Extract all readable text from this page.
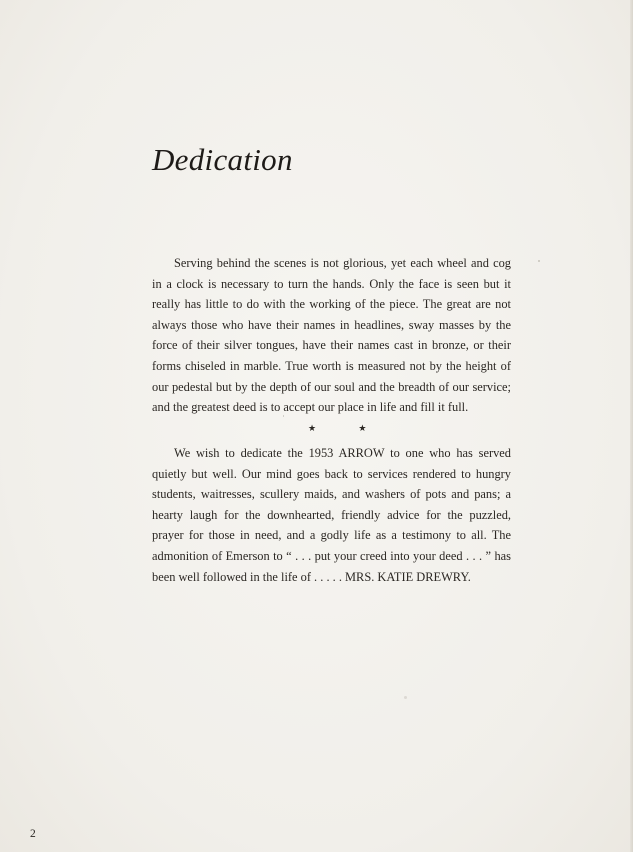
Dedication

Serving behind the scenes is not glorious, yet each wheel and cog in a clock is necessary to turn the hands. Only the face is seen but it really has little to do with the working of the piece. The great are not always those who have their names in headlines, sway masses by the force of their silver tongues, have their names cast in bronze, or their forms chiseled in marble. True worth is measured not by the height of our pedestal but by the depth of our soul and the breadth of our service; and the greatest deed is to accept our place in life and fill it full.

★ ★

We wish to dedicate the 1953 ARROW to one who has served quietly but well. Our mind goes back to services rendered to hungry students, waitresses, scullery maids, and washers of pots and pans; a hearty laugh for the downhearted, friendly advice for the puzzled, prayer for those in need, and a godly life as a testimony to all. The admonition of Emerson to “ . . . put your creed into your deed . . . ” has been well followed in the life of . . . . . MRS. KATIE DREWRY.

2
